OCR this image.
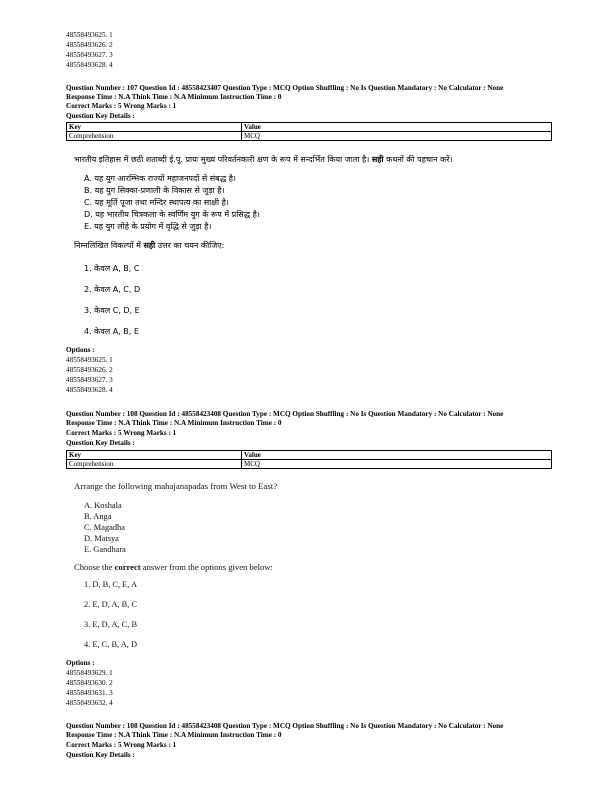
48558493625. 1
48558493626. 2
48558493627. 3
48558493628. 4
Question Number : 107 Question Id : 48558423407 Question Type : MCQ Option Shuffling : No Is Question Mandatory : No Calculator : None
Response Time : N.A Think Time : N.A Minimum Instruction Time : 0
Correct Marks : 5 Wrong Marks : 1
Question Key Details :
Key	Value
Comprehension	MCQ
भारतीय इतिहास में छठी शताब्दी ई.पू. प्रायः मुख्य परिवर्तनकारी क्षण के रूप में सन्दर्भित किया जाता है। सही कथनों की पहचान करें।
A. यह युग आरम्भिक राज्यों महाजनपदों से संबद्ध है।
B. यह युग सिक्का-प्रणाली के विकास से जुड़ा है।
C. यह मूर्ति पूजा तथा मन्दिर स्थापत्य का साक्षी है।
D. यह भारतीय चित्रकला के स्वर्णिम युग के रूप में प्रसिद्ध है।
E. यह युग लोहे के प्रयोग में वृद्धि से जुड़ा है।
निम्नलिखित विकल्पों में सही उत्तर का चयन कीजिए:
1. केवल A, B, C
2. केवल A, C, D
3. केवल C, D, E
4. केवल A, B, E
Options :
48558493625. 1
48558493626. 2
48558493627. 3
48558493628. 4
Question Number : 108 Question Id : 48558423408 Question Type : MCQ Option Shuffling : No Is Question Mandatory : No Calculator : None
Response Time : N.A Think Time : N.A Minimum Instruction Time : 0
Correct Marks : 5 Wrong Marks : 1
Question Key Details :
Key	Value
Comprehension	MCQ
Arrange the following mahajanapadas from West to East?
A. Koshala
B. Anga
C. Magadha
D. Matsya
E. Gandhara
Choose the correct answer from the options given below:
1. D, B, C, E, A
2. E, D, A, B, C
3. E, D, A, C, B
4. E, C, B, A, D
Options :
48558493629. 1
48558493630. 2
48558493631. 3
48558493632. 4
Question Number : 108 Question Id : 48558423408 Question Type : MCQ Option Shuffling : No Is Question Mandatory : No Calculator : None
Response Time : N.A Think Time : N.A Minimum Instruction Time : 0
Correct Marks : 5 Wrong Marks : 1
Question Key Details :
